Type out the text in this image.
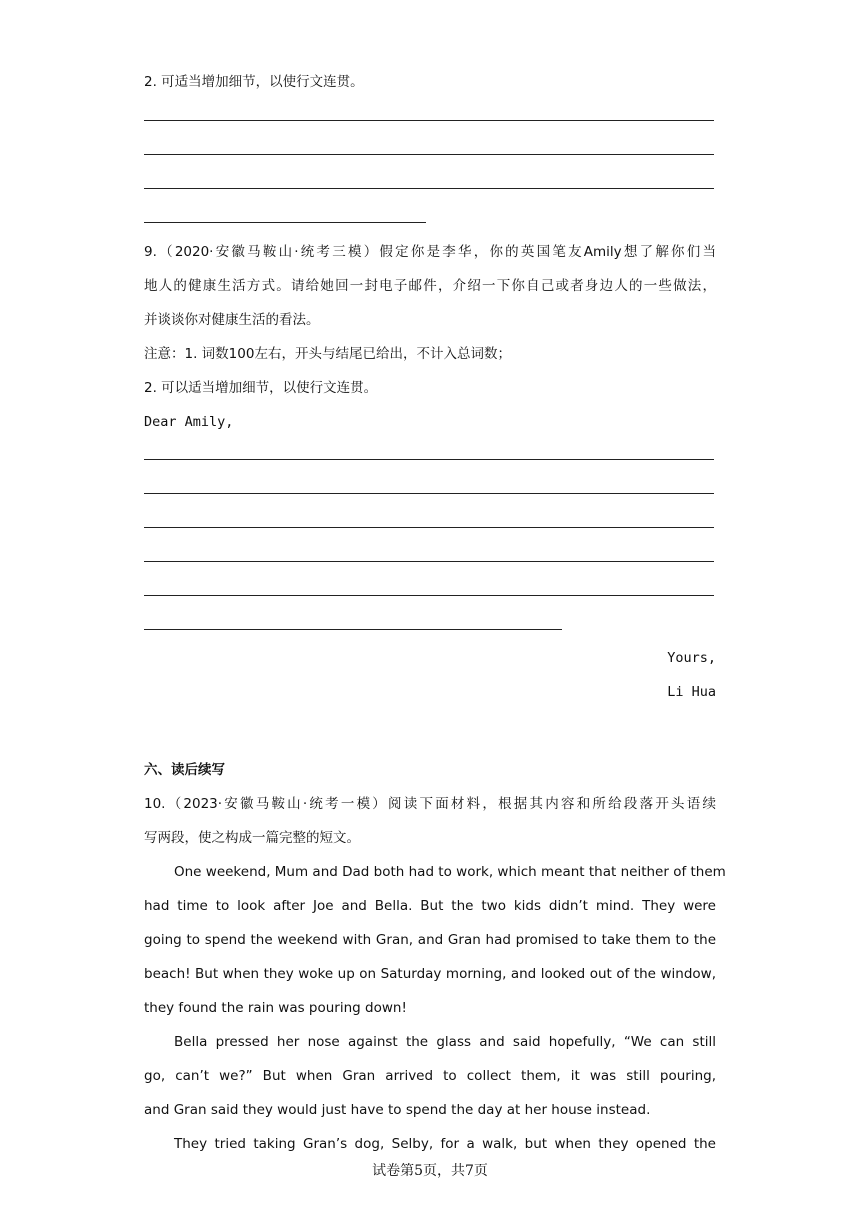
2. 可适当增加细节，以使行文连贯。
9.（2020·安徽马鞍山·统考三模）假定你是李华，你的英国笔友Amily想了解你们当
地人的健康生活方式。请给她回一封电子邮件，介绍一下你自己或者身边人的一些做法，
并谈谈你对健康生活的看法。
注意：1. 词数100左右，开头与结尾已给出，不计入总词数；
2. 可以适当增加细节，以使行文连贯。
Dear Amily,
Yours,
Li Hua
六、读后续写
10.（2023·安徽马鞍山·统考一模）阅读下面材料，根据其内容和所给段落开头语续
写两段，使之构成一篇完整的短文。
One weekend, Mum and Dad both had to work, which meant that neither of them
had time to look after Joe and Bella. But the two kids didn’t mind. They were
going to spend the weekend with Gran, and Gran had promised to take them to the
beach! But when they woke up on Saturday morning, and looked out of the window,
they found the rain was pouring down!
Bella pressed her nose against the glass and said hopefully, “We can still
go, can’t we?” But when Gran arrived to collect them, it was still pouring,
and Gran said they would just have to spend the day at her house instead.
They tried taking Gran’s dog, Selby, for a walk, but when they opened the
试卷第5页，共7页
